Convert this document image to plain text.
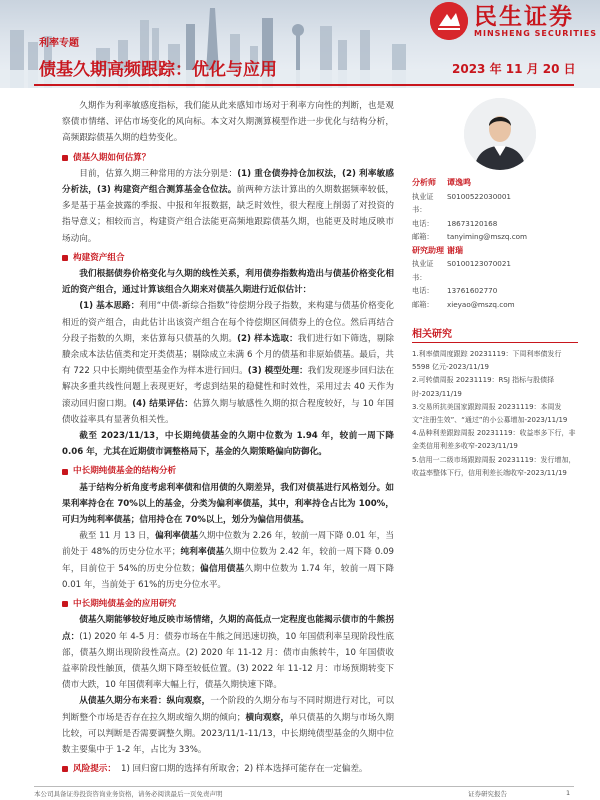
民生证券
MINSHENG SECURITIES
利率专题
债基久期高频跟踪：优化与应用	2023 年 11 月 20 日

久期作为利率敏感度指标，我们能从此来感知市场对于利率方向性的判断，也是观察债市情绪、评估市场变化的风向标。本文对久期测算模型作进一步优化与结构分析，高频跟踪债基久期的趋势变化。

债基久期如何估算？

目前，估算久期三种常用的方法分别是：(1) 重仓债券持仓加权法，(2) 利率敏感分析法，(3) 构建资产组合测算基金仓位法。前两种方法计算出的久期数据频率较低，多是基于基金披露的季报、中报和年报数据，缺乏时效性，很大程度上削弱了对投资的指导意义；相较而言，构建资产组合法能更高频地跟踪债基久期，也能更及时地反映市场动向。

构建资产组合

我们根据债券价格变化与久期的线性关系，利用债券指数构造出与债基价格变化相近的资产组合，通过计算该组合久期来对债基久期进行近似估计：

(1) 基本思路：利用“中债-新综合指数”待偿期分段子指数，来构建与债基价格变化相近的资产组合，由此估计出该资产组合在每个待偿期区间债券上的仓位。然后再结合分段子指数的久期，来估算每只债基的久期。(2) 样本选取：我们进行如下筛选，剔除賸余成本法估值类和定开类债基；剔除成立未满 6 个月的债基和非原始债基。最后，共有 722 只中长期纯债型基金作为样本进行回归。(3) 模型处理：我们发现逐步回归法在解决多重共线性问题上表现更好，考虑到结果的稳健性和时效性，采用过去 40 天作为滚动回归窗口期。(4) 结果评估：估算久期与敏感性久期的拟合程度较好，与 10 年国债收益率具有显著负相关性。

截至 2023/11/13，中长期纯债基金的久期中位数为 1.94 年，较前一周下降 0.06 年，尤其在近期债市调整格局下，基金的久期策略偏向防御化。

中长期纯债基金的结构分析

基于结构分析角度考虑利率债和信用债的久期差异，我们对债基进行风格划分。如果利率持仓在 70%以上的基金，分类为偏利率债基，其中，利率持仓占比为 100%，可归为纯利率债基；信用持仓在 70%以上，划分为偏信用债基。

截至 11 月 13 日，偏利率债基久期中位数为 2.26 年，较前一周下降 0.01 年，当前处于 48%的历史分位水平；纯利率债基久期中位数为 2.42 年，较前一周下降 0.09 年，目前位于 54%的历史分位数；偏信用债基久期中位数为 1.74 年，较前一周下降 0.01 年，当前处于 61%的历史分位水平。

中长期纯债基金的应用研究

债基久期能够较好地反映市场情绪，久期的高低点一定程度也能揭示债市的牛熊拐点：(1) 2020 年 4-5 月：债券市场在牛熊之间迅速切换，10 年国债利率呈现阶段性底部，债基久期出现阶段性高点。(2) 2020 年 11-12 月：债市由熊转牛，10 年国债收益率阶段性触顶，债基久期下降至较低位置。(3) 2022 年 11-12 月：市场预期转变下债市大跌，10 年国债利率大幅上行，债基久期快速下降。

从债基久期分布来看：纵向观察，一个阶段的久期分布与不同时期进行对比，可以判断整个市场是否存在拉久期或缩久期的倾向；横向观察，单只债基的久期与市场久期比较，可以判断是否需要调整久期。2023/11/1-11/13，中长期纯债型基金的久期中位数主要集中于 1-2 年，占比为 33%。

风险提示： 1) 回归窗口期的选择有所取舍；2) 样本选择可能存在一定偏差。
分析师	谭逸鸣
执业证书：
S0100522030001
电话：	18673120168
邮箱：	tanyiming@mszq.com
研究助理 谢瑞
执业证书：
S0100123070021
电话：	13761602770
邮箱：	xieyao@mszq.com
相关研究
1.利率债周度跟踪 20231119：下周利率债发行 5598 亿元-2023/11/19
2.可转债周报 20231119：RSJ 指标与股债择时-2023/11/19
3.交易所抗美国家跟踪周报 20231119：本周发文“注册生效”、“通过”的小公募增加-2023/11/19
4.品种利差跟踪周报 20231119：收益率多下行，非金类信用利差多收窄-2023/11/19
5.信用一二级市场跟踪周报 20231119：发行增加，收益率整体下行，信用利差长端收窄-2023/11/19
本公司具备证券投资咨询业务资格，请务必阅读最后一页免责声明	证券研究报告	1
